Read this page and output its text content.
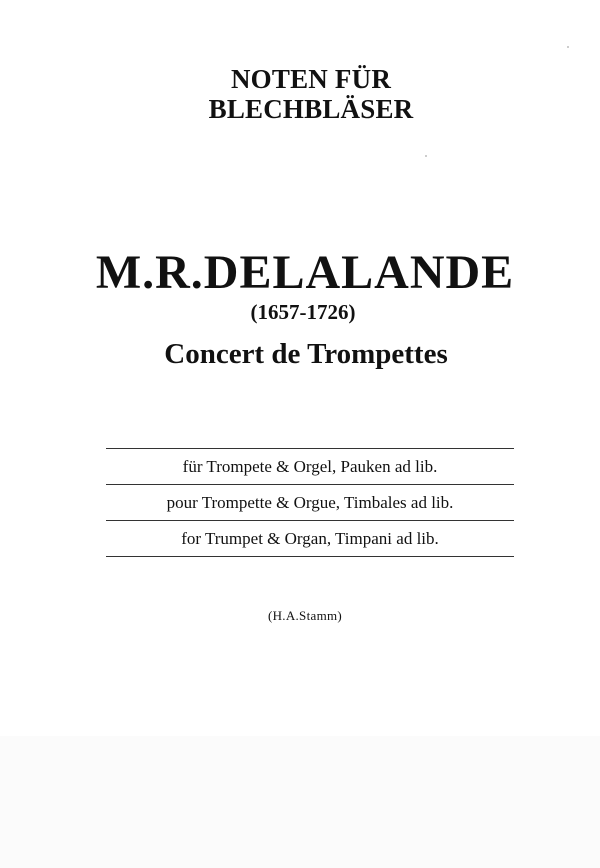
NOTEN FÜR
BLECHBLÄSER
M.R.DELALANDE
(1657-1726)
Concert de Trompettes
für Trompete & Orgel, Pauken ad lib.
pour Trompette & Orgue, Timbales ad lib.
for Trumpet & Organ, Timpani ad lib.
(H.A.Stamm)
